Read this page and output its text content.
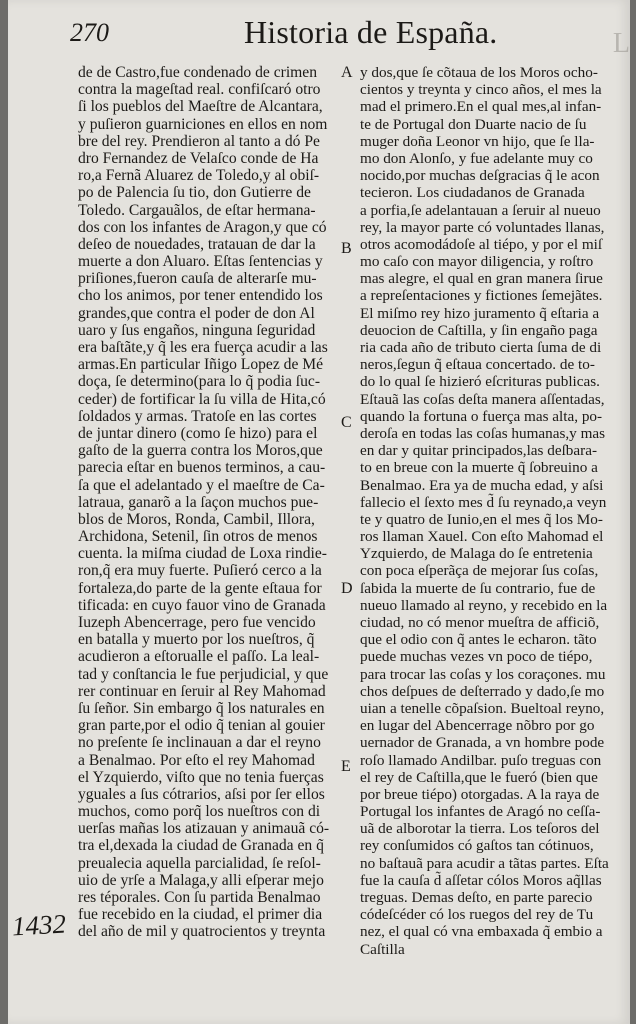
270	Historia de España.	L
de de Castro,fue condenado de crimen
contra la mageſtad real. confiſcaró otro
ſi los pueblos del Maeſtre de Alcantara,
y puſieron guarniciones en ellos en nom
bre del rey. Prendieron al tanto a dó Pe
dro Fernandez de Velaſco conde de Ha
ro,a Fernã Aluarez de Toledo,y al obiſ-
po de Palencia ſu tio, don Gutierre de
Toledo. Cargauãlos, de eſtar hermana-
dos con los infantes de Aragon,y que có
deſeo de nouedades, tratauan de dar la
muerte a don Aluaro. Eſtas ſentencias y
priſiones,fueron cauſa de alterarſe mu-
cho los animos, por tener entendido los
grandes,que contra el poder de don Al
uaro y ſus engaños, ninguna ſeguridad
era baſtãte,y q̃ les era fuerça acudir a las
armas.En particular Iñigo Lopez de Mé
doça, ſe determino(para lo q̃ podia ſuc-
ceder) de fortificar la ſu villa de Hita,có
ſoldados y armas. Tratoſe en las cortes
de juntar dinero (como ſe hizo) para el
gaſto de la guerra contra los Moros,que
parecia eſtar en buenos terminos, a cau-
ſa que el adelantado y el maeſtre de Ca-
latraua, ganarõ a la ſaçon muchos pue-
blos de Moros, Ronda, Cambil, Illora,
Archidona, Setenil, ſin otros de menos
cuenta. la miſma ciudad de Loxa rindie-
ron,q̃ era muy fuerte. Puſieró cerco a la
fortaleza,do parte de la gente eſtaua for
tificada: en cuyo fauor vino de Granada
Iuzeph Abencerrage, pero fue vencido
en batalla y muerto por los nueſtros, q̃
acudieron a eſtorualle el paſſo. La leal-
tad y conſtancia le fue perjudicial, y que
rer continuar en ſeruir al Rey Mahomad
ſu ſeñor. Sin embargo q̃ los naturales en
gran parte,por el odio q̃ tenian al gouier
no preſente ſe inclinauan a dar el reyno
a Benalmao. Por eſto el rey Mahomad
el Yzquierdo, viſto que no tenia fuerças
yguales a ſus cótrarios, aſsi por ſer ellos
muchos, como porq̃ los nueſtros con di
uerſas mañas los atizauan y animauã có-
tra el,dexada la ciudad de Granada en q̃
preualecia aquella parcialidad, ſe reſol-
uio de yrſe a Malaga,y alli eſperar mejo
res téporales. Con ſu partida Benalmao
fue recebido en la ciudad, el primer dia
del año de mil y quatrocientos y treynta
y dos,que ſe cõtaua de los Moros ocho-
cientos y treynta y cinco años, el mes la
mad el primero.En el qual mes,al infan-
te de Portugal don Duarte nacio de ſu
muger doña Leonor vn hijo, que ſe lla-
mo don Alonſo, y fue adelante muy co
nocido,por muchas deſgracias q̃ le acon
tecieron. Los ciudadanos de Granada
a porfia,ſe adelantauan a ſeruir al nueuo
rey, la mayor parte có voluntades llanas,
otros acomodádoſe al tiépo, y por el miſ
mo caſo con mayor diligencia, y roſtro
mas alegre, el qual en gran manera ſirue
a repreſentaciones y fictiones ſemejãtes.
El miſmo rey hizo juramento q̃ eſtaria a
deuocion de Caſtilla, y ſin engaño paga
ria cada año de tributo cierta ſuma de di
neros,ſegun q̃ eſtaua concertado. de to-
do lo qual ſe hizieró eſcrituras publicas.
Eſtauã las coſas deſta manera aſſentadas,
quando la fortuna o fuerça mas alta, po-
deroſa en todas las coſas humanas,y mas
en dar y quitar principados,las deſbara-
to en breue con la muerte q̃ ſobreuino a
Benalmao. Era ya de mucha edad, y aſsi
fallecio el ſexto mes d̃ ſu reynado,a veyn
te y quatro de Iunio,en el mes q̃ los Mo-
ros llaman Xauel. Con eſto Mahomad el
Yzquierdo, de Malaga do ſe entretenia
con poca eſperãça de mejorar ſus coſas,
ſabida la muerte de ſu contrario, fue de
nueuo llamado al reyno, y recebido en la
ciudad, no có menor mueſtra de afficiõ,
que el odio con q̃ antes le echaron. tãto
puede muchas vezes vn poco de tiépo,
para trocar las coſas y los coraçones. mu
chos deſpues de deſterrado y dado,ſe mo
uian a tenelle cõpaſsion. Bueltoal reyno,
en lugar del Abencerrage nõbro por go
uernador de Granada, a vn hombre pode
roſo llamado Andilbar. puſo treguas con
el rey de Caſtilla,que le fueró (bien que
por breue tiépo) otorgadas. A la raya de
Portugal los infantes de Aragó no ceſſa-
uã de alborotar la tierra. Los teſoros del
rey conſumidos có gaſtos tan cótinuos,
no baſtauã para acudir a tãtas partes. Eſta
fue la cauſa d̃ aſſetar cólos Moros aq̃llas
treguas. Demas deſto, en parte parecio
códeſcéder có los ruegos del rey de Tu
nez, el qual có vna embaxada q̃ embio a
Caſtilla
A
B
C
D
E
1432
